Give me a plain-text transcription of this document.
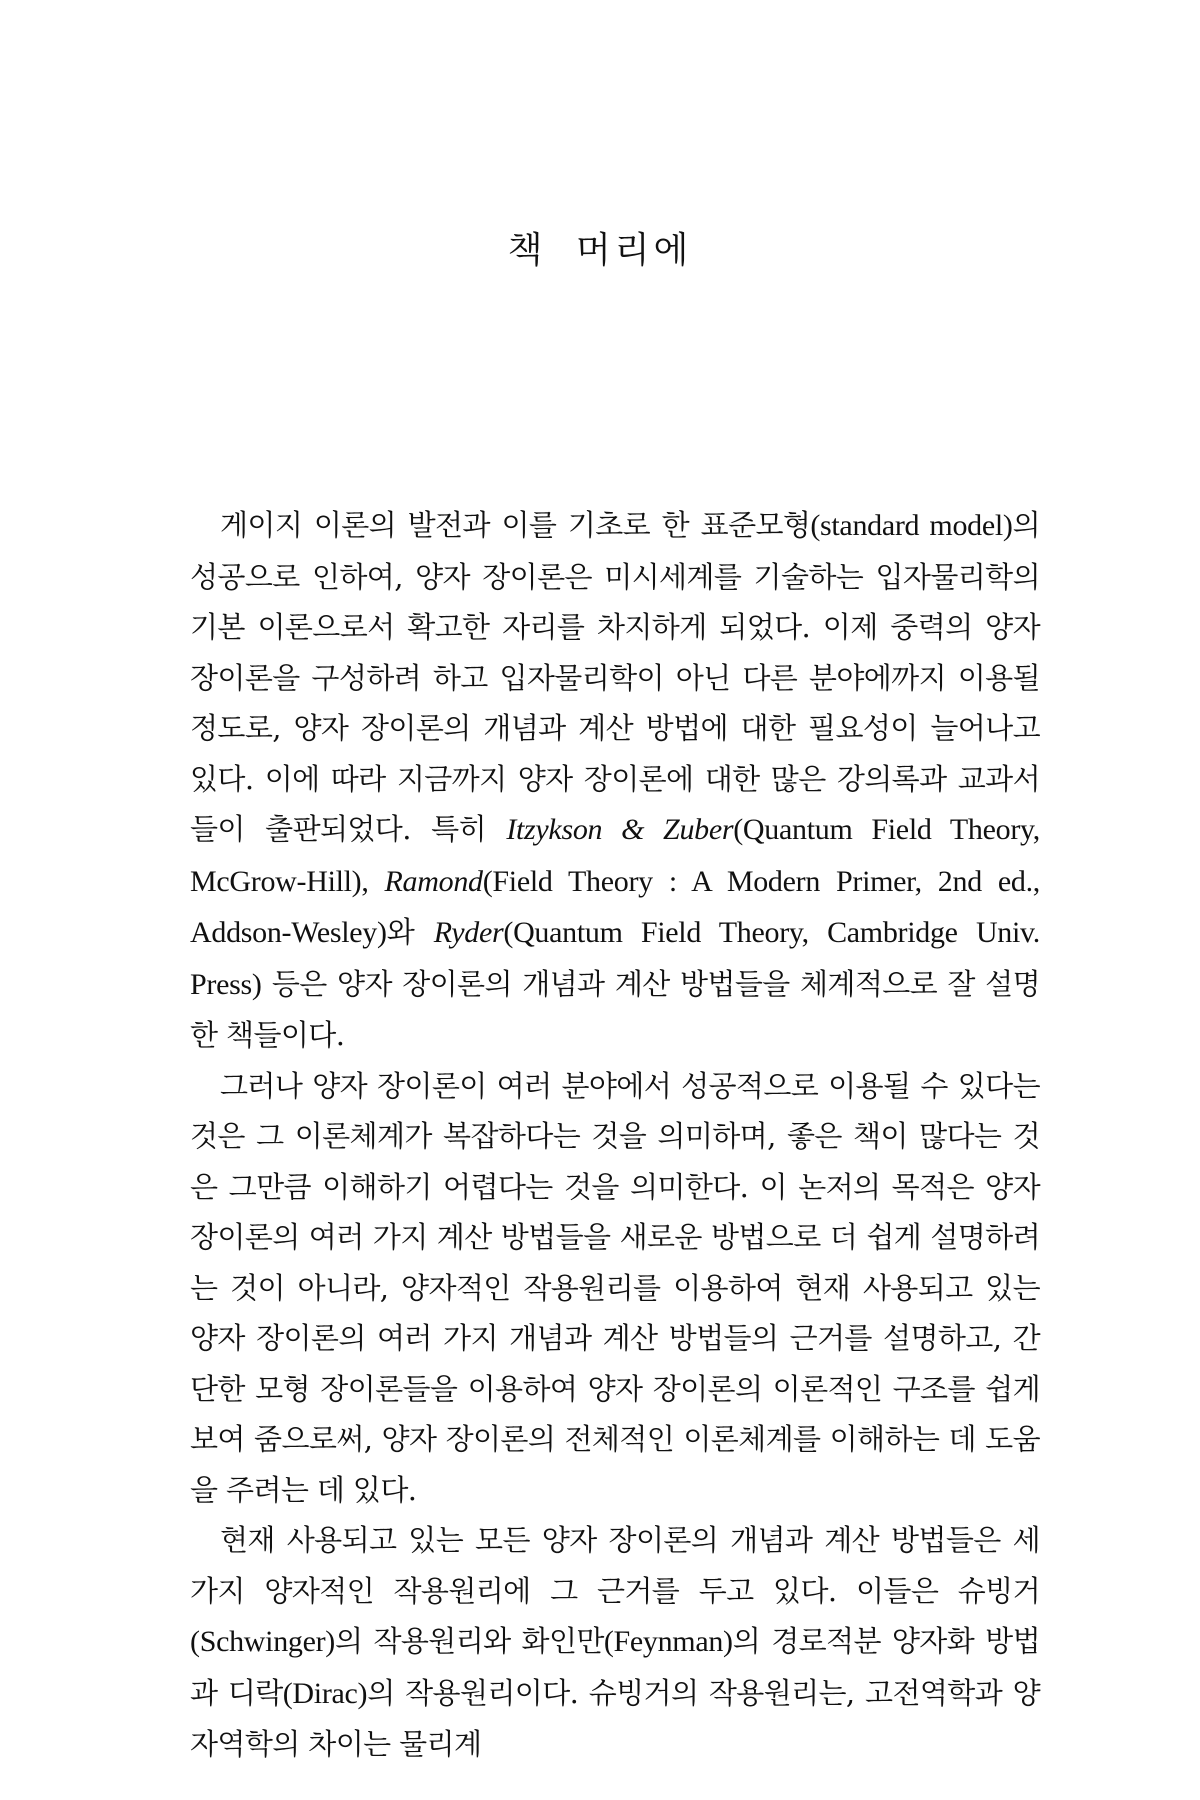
책 머리에

게이지 이론의 발전과 이를 기초로 한 표준모형(standard model)의 성공으로 인하여, 양자 장이론은 미시세계를 기술하는 입자물리학의 기본 이론으로서 확고한 자리를 차지하게 되었다. 이제 중력의 양자 장이론을 구성하려 하고 입자물리학이 아닌 다른 분야에까지 이용될 정도로, 양자 장이론의 개념과 계산 방법에 대한 필요성이 늘어나고 있다. 이에 따라 지금까지 양자 장이론에 대한 많은 강의록과 교과서들이 출판되었다. 특히 Itzykson & Zuber(Quantum Field Theory, McGrow-Hill), Ramond(Field Theory : A Modern Primer, 2nd ed., Addson-Wesley)와 Ryder(Quantum Field Theory, Cambridge Univ. Press) 등은 양자 장이론의 개념과 계산 방법들을 체계적으로 잘 설명한 책들이다.

그러나 양자 장이론이 여러 분야에서 성공적으로 이용될 수 있다는 것은 그 이론체계가 복잡하다는 것을 의미하며, 좋은 책이 많다는 것은 그만큼 이해하기 어렵다는 것을 의미한다. 이 논저의 목적은 양자 장이론의 여러 가지 계산 방법들을 새로운 방법으로 더 쉽게 설명하려는 것이 아니라, 양자적인 작용원리를 이용하여 현재 사용되고 있는 양자 장이론의 여러 가지 개념과 계산 방법들의 근거를 설명하고, 간단한 모형 장이론들을 이용하여 양자 장이론의 이론적인 구조를 쉽게 보여 줌으로써, 양자 장이론의 전체적인 이론체계를 이해하는 데 도움을 주려는 데 있다.

현재 사용되고 있는 모든 양자 장이론의 개념과 계산 방법들은 세 가지 양자적인 작용원리에 그 근거를 두고 있다. 이들은 슈빙거(Schwinger)의 작용원리와 화인만(Feynman)의 경로적분 양자화 방법과 디락(Dirac)의 작용원리이다. 슈빙거의 작용원리는, 고전역학과 양자역학의 차이는 물리계
